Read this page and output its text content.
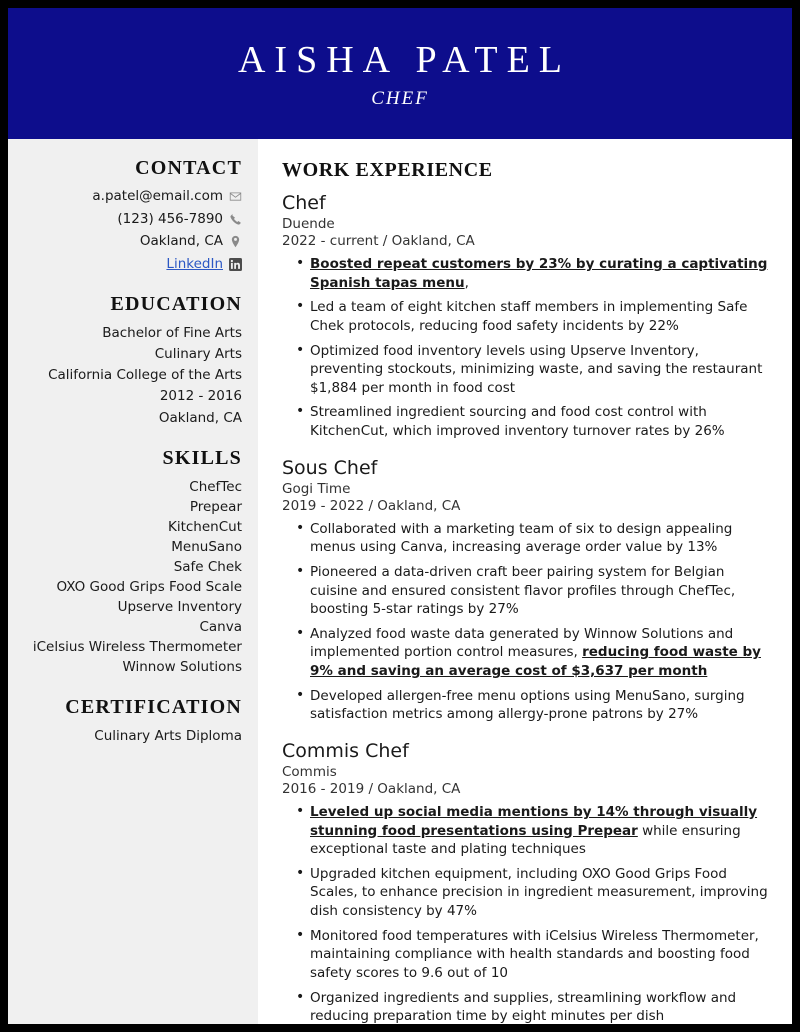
AISHA PATEL
CHEF
CONTACT
a.patel@email.com
(123) 456-7890
Oakland, CA
LinkedIn
EDUCATION

Bachelor of Fine Arts

Culinary Arts

California College of the Arts

2012 - 2016

Oakland, CA

SKILLS

ChefTec

Prepear

KitchenCut

MenuSano

Safe Chek

OXO Good Grips Food Scale

Upserve Inventory

Canva

iCelsius Wireless Thermometer

Winnow Solutions

CERTIFICATION

Culinary Arts Diploma

WORK EXPERIENCE
Chef
Duende
2022 - current / Oakland, CA
• Boosted repeat customers by 23% by curating a captivating Spanish tapas menu,
• Led a team of eight kitchen staff members in implementing Safe Chek protocols, reducing food safety incidents by 22%
• Optimized food inventory levels using Upserve Inventory, preventing stockouts, minimizing waste, and saving the restaurant $1,884 per month in food cost
• Streamlined ingredient sourcing and food cost control with KitchenCut, which improved inventory turnover rates by 26%
Sous Chef
Gogi Time
2019 - 2022 / Oakland, CA
• Collaborated with a marketing team of six to design appealing menus using Canva, increasing average order value by 13%
• Pioneered a data-driven craft beer pairing system for Belgian cuisine and ensured consistent flavor profiles through ChefTec, boosting 5-star ratings by 27%
• Analyzed food waste data generated by Winnow Solutions and implemented portion control measures, reducing food waste by 9% and saving an average cost of $3,637 per month
• Developed allergen-free menu options using MenuSano, surging satisfaction metrics among allergy-prone patrons by 27%
Commis Chef
Commis
2016 - 2019 / Oakland, CA
• Leveled up social media mentions by 14% through visually stunning food presentations using Prepear while ensuring exceptional taste and plating techniques
• Upgraded kitchen equipment, including OXO Good Grips Food Scales, to enhance precision in ingredient measurement, improving dish consistency by 47%
• Monitored food temperatures with iCelsius Wireless Thermometer, maintaining compliance with health standards and boosting food safety scores to 9.6 out of 10
• Organized ingredients and supplies, streamlining workflow and reducing preparation time by eight minutes per dish
